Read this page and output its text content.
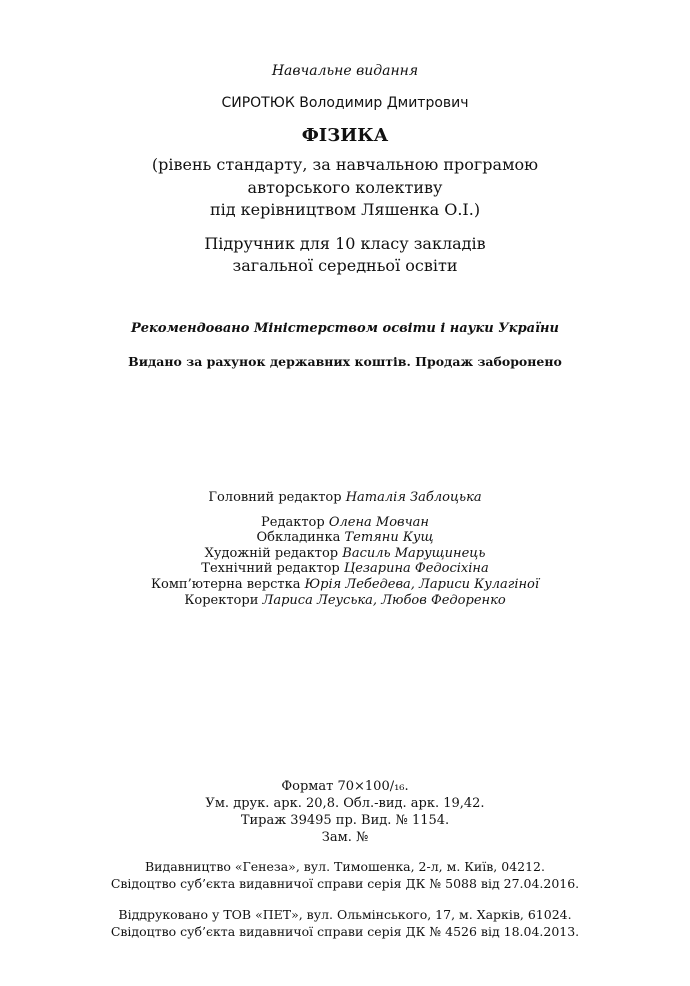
Навчальне видання
СИРОТЮК Володимир Дмитрович
ФІЗИКА
(рівень стандарту, за навчальною програмою
авторського колективу
під керівництвом Ляшенка О.І.)
Підручник для 10 класу закладів
загальної середньої освіти
Рекомендовано Міністерством освіти і науки України
Видано за рахунок державних коштів. Продаж заборонено
Головний редактор Наталія Заблоцька
Редактор Олена Мовчан
Обкладинка Тетяни Кущ
Художній редактор Василь Марущинець
Технічний редактор Цезарина Федосіхіна
Комп’ютерна верстка Юрія Лебедева, Лариси Кулагіної
Коректори Лариса Леуська, Любов Федоренко
Формат 70×100/₁₆.
Ум. друк. арк. 20,8. Обл.-вид. арк. 19,42.
Тираж 39495 пр. Вид. № 1154.
Зам. №
Видавництво «Генеза», вул. Тимошенка, 2-л, м. Київ, 04212.
Свідоцтво суб’єкта видавничої справи серія ДК № 5088 від 27.04.2016.
Віддруковано у ТОВ «ПЕТ», вул. Ольмінського, 17, м. Харків, 61024.
Свідоцтво суб’єкта видавничої справи серія ДК № 4526 від 18.04.2013.
